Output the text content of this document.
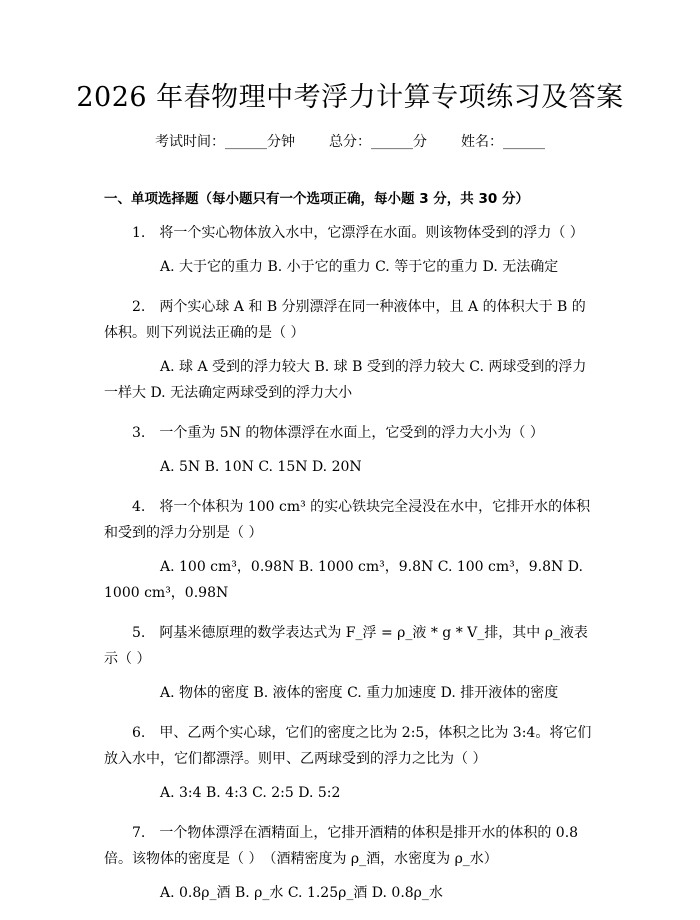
2026 年春物理中考浮力计算专项练习及答案
考试时间：______分钟 总分：______分 姓名：______
一、单项选择题（每小题只有一个选项正确，每小题 3 分，共 30 分）
1.　将一个实心物体放入水中，它漂浮在水面。则该物体受到的浮力（ ）
A. 大于它的重力 B. 小于它的重力 C. 等于它的重力 D. 无法确定
2.　两个实心球 A 和 B 分别漂浮在同一种液体中，且 A 的体积大于 B 的体积。则下列说法正确的是（ ）
A. 球 A 受到的浮力较大 B. 球 B 受到的浮力较大 C. 两球受到的浮力一样大 D. 无法确定两球受到的浮力大小
3.　一个重为 5N 的物体漂浮在水面上，它受到的浮力大小为（ ）
A. 5N B. 10N C. 15N D. 20N
4.　将一个体积为 100 cm³ 的实心铁块完全浸没在水中，它排开水的体积和受到的浮力分别是（ ）
A. 100 cm³，0.98N B. 1000 cm³，9.8N C. 100 cm³，9.8N D. 1000 cm³，0.98N
5.　阿基米德原理的数学表达式为 F_浮 = ρ_液 * g * V_排，其中 ρ_液表示（ ）
A. 物体的密度 B. 液体的密度 C. 重力加速度 D. 排开液体的密度
6.　甲、乙两个实心球，它们的密度之比为 2:5，体积之比为 3:4。将它们放入水中，它们都漂浮。则甲、乙两球受到的浮力之比为（ ）
A. 3:4 B. 4:3 C. 2:5 D. 5:2
7.　一个物体漂浮在酒精面上，它排开酒精的体积是排开水的体积的 0.8 倍。该物体的密度是（ ）　（酒精密度为 ρ_酒，水密度为 ρ_水）
A. 0.8ρ_酒 B. ρ_水 C. 1.25ρ_酒 D. 0.8ρ_水
